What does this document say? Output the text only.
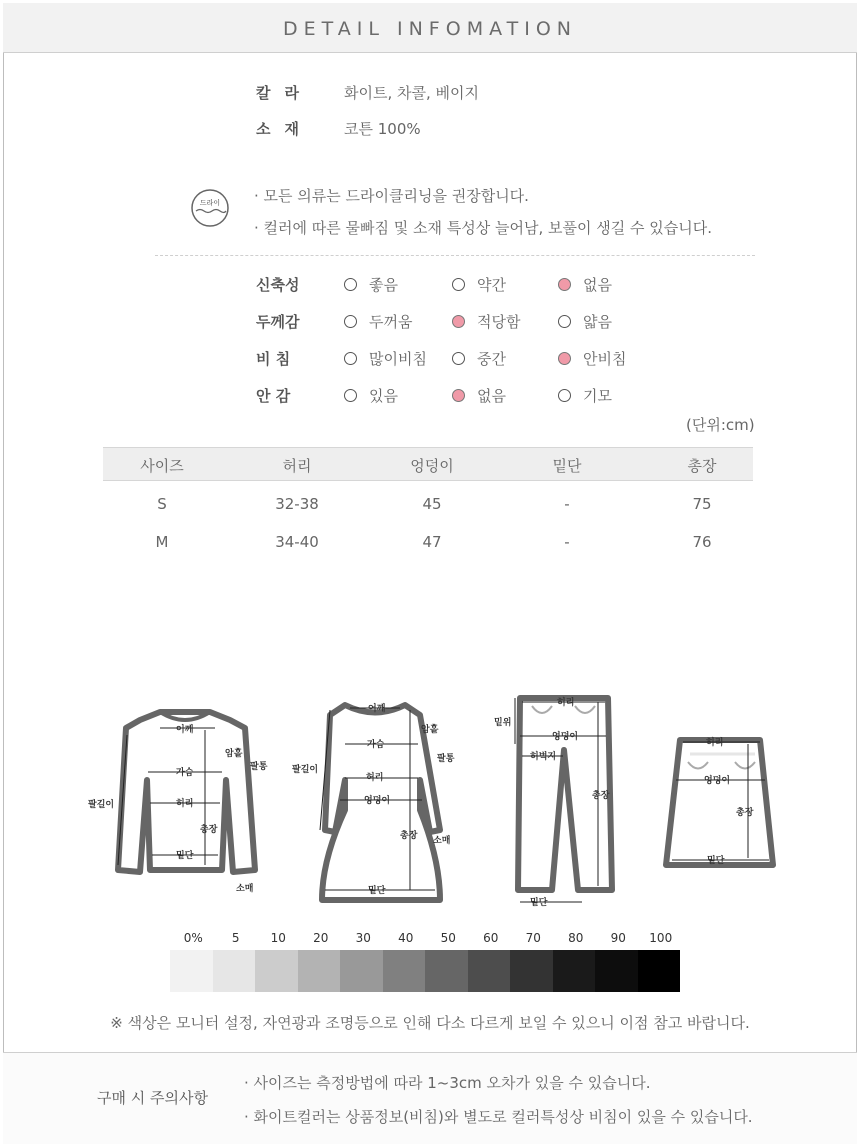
DETAIL INFOMATION
칼라 화이트, 차콜, 베이지
소재 코튼 100%
드라이 · 모든 의류는 드라이클리닝을 권장합니다.
· 컬러에 따른 물빠짐 및 소재 특성상 늘어남, 보풀이 생길 수 있습니다.
신축성	좋음	약간	없음
두께감	두꺼움	적당함	얇음
비 침	많이비침	중간	안비침
안 감	있음	없음	기모
(단위:cm)
사이즈	허리	엉덩이	밑단	총장
S	32-38	45	-	75
M	34-40	47	-	76
어깨
암홀
팔통
가슴
팔길이	허리
총장
밑단
소매
어깨
암홀
팔통
가슴
팔길이
허리
엉덩이
총장 소매
밑단
허리
밑위
엉덩이
허벅지
총장
밑단
허리
엉덩이
총장
밑단
0%	5	10	20	30	40	50	60	70	80	90	100
※ 색상은 모니터 설정, 자연광과 조명등으로 인해 다소 다르게 보일 수 있으니 이점 참고 바랍니다.
구매 시 주의사항
· 사이즈는 측정방법에 따라 1~3cm 오차가 있을 수 있습니다.
· 화이트컬러는 상품정보(비침)와 별도로 컬러특성상 비침이 있을 수 있습니다.
